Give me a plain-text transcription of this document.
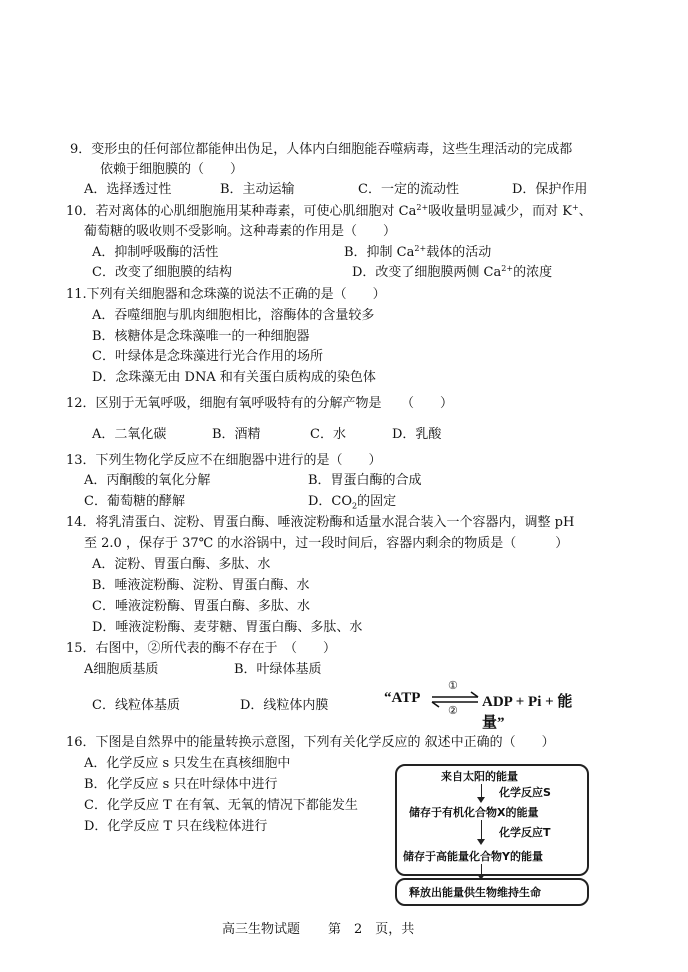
9．变形虫的任何部位都能伸出伪足，人体内白细胞能吞噬病毒，这些生理活动的完成都
依赖于细胞膜的（　　）
A．选择透过性	B．主动运输	C．一定的流动性	D．保护作用
10．若对离体的心肌细胞施用某种毒素，可使心肌细胞对 $Ca^{2+}$吸收量明显减少，而对 K+、
葡萄糖的吸收则不受影响。这种毒素的作用是（　　）
A．抑制呼吸酶的活性	B．抑制 $Ca^{2+}$载体的活动
C．改变了细胞膜的结构	D．改变了细胞膜两侧 $Ca^{2+}$的浓度
11.下列有关细胞器和念珠藻的说法不正确的是（　　）
A．吞噬细胞与肌肉细胞相比，溶酶体的含量较多
B．核糖体是念珠藻唯一的一种细胞器
C．叶绿体是念珠藻进行光合作用的场所
D．念珠藻无由 DNA 和有关蛋白质构成的染色体
12．区别于无氧呼吸，细胞有氧呼吸特有的分解产物是　　（　　）
A．二氧化碳	B．酒精	C．水	D．乳酸
13．下列生物化学反应不在细胞器中进行的是（　　）
A．丙酮酸的氧化分解	B．胃蛋白酶的合成
C．葡萄糖的酵解	D．$CO_2$的固定
14．将乳清蛋白、淀粉、胃蛋白酶、唾液淀粉酶和适量水混合装入一个容器内，调整 pH
至 2.0 ，保存于 37℃ 的水浴锅中，过一段时间后，容器内剩余的物质是（　　　）
A．淀粉、胃蛋白酶、多肽、水
B．唾液淀粉酶、淀粉、胃蛋白酶、水
C．唾液淀粉酶、胃蛋白酶、多肽、水
D．唾液淀粉酶、麦芽糖、胃蛋白酶、多肽、水
15．右图中，②所代表的酶不存在于　（　　）
A细胞质基质	B．叶绿体基质
C．线粒体基质	D．线粒体内膜	“ATP
①
②
ADP + Pi + 能量”
16．下图是自然界中的能量转换示意图，下列有关化学反应的 叙述中正确的（　　）
A．化学反应 s 只发生在真核细胞中
B．化学反应 s 只在叶绿体中进行
C．化学反应 T 在有氧、无氧的情况下都能发生
D．化学反应 T 只在线粒体进行
来自太阳的能量
化学反应S
储存于有机化合物X的能量
化学反应T
储存于高能量化合物Y的能量
释放出能量供生物维持生命
高三生物试题 第　2　页，共
